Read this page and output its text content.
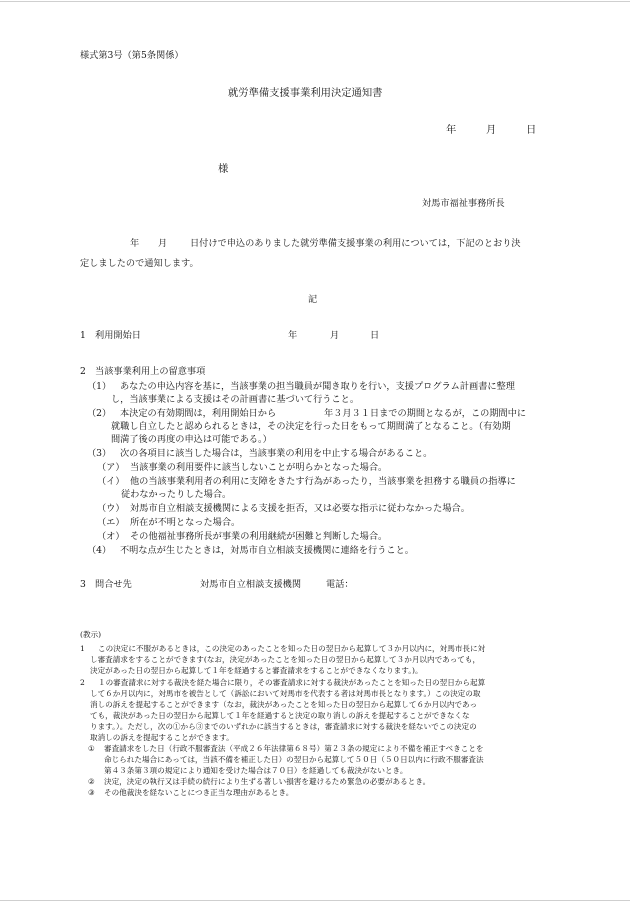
様式第3号（第5条関係）
就労準備支援事業利用決定通知書
年	月	日
様
対馬市福祉事務所長
年 月 日付けで申込のありました就労準備支援事業の利用については，下記のとおり決
定しましたので通知します。
記
1　利用開始日	年	月	日
2　当該事業利用上の留意事項
（1） あなたの申込内容を基に，当該事業の担当職員が聞き取りを行い，支援プログラム計画書に整理
し，当該事業による支援はその計画書に基づいて行うこと。
（2） 本決定の有効期間は，利用開始日から	年３月３１日までの期間となるが，この期間中に
就職し自立したと認められるときは，その決定を行った日をもって期間満了となること。（有効期
間満了後の再度の申込は可能である。）
（3） 次の各項目に該当した場合は，当該事業の利用を中止する場合があること。
（ア） 当該事業の利用要件に該当しないことが明らかとなった場合。
（イ） 他の当該事業利用者の利用に支障をきたす行為があったり，当該事業を担務する職員の指導に
従わなかったりした場合。
（ウ） 対馬市自立相談支援機関による支援を拒否，又は必要な指示に従わなかった場合。
（エ） 所在が不明となった場合。
（オ） その他福祉事務所長が事業の利用継続が困難と判断した場合。
（4） 不明な点が生じたときは，対馬市自立相談支援機関に連絡を行うこと。
3　問合せ先	対馬市自立相談支援機関	電話：
(教示)
1 この決定に不服があるときは，この決定のあったことを知った日の翌日から起算して３か月以内に，対馬市長に対
し審査請求をすることができます(なお，決定があったことを知った日の翌日から起算して３か月以内であっても，
決定があった日の翌日から起算して１年を経過すると審査請求をすることができなくなります。)。
2 １の審査請求に対する裁決を経た場合に限り，その審査請求に対する裁決があったことを知った日の翌日から起算
して６か月以内に，対馬市を被告として（訴訟において対馬市を代表する者は対馬市長となります。）この決定の取
消しの訴えを提起することができます（なお，裁決があったことを知った日の翌日から起算して６か月以内であっ
ても，裁決があった日の翌日から起算して１年を経過すると決定の取り消しの訴えを提起することができなくな
ります。）。ただし，次の①から③までのいずれかに該当するときは，審査請求に対する裁決を経ないでこの決定の
取消しの訴えを提起することができます。
① 審査請求をした日（行政不服審査法（平成２６年法律第６８号）第２３条の規定により不備を補正すべきことを
命じられた場合にあっては，当該不備を補正した日）の翌日から起算して５０日（５０日以内に行政不服審査法
第４３条第３項の規定により通知を受けた場合は７０日）を経過しても裁決がないとき。
② 決定，決定の執行又は手続の続行により生ずる著しい損害を避けるため緊急の必要があるとき。
③ その他裁決を経ないことにつき正当な理由があるとき。
